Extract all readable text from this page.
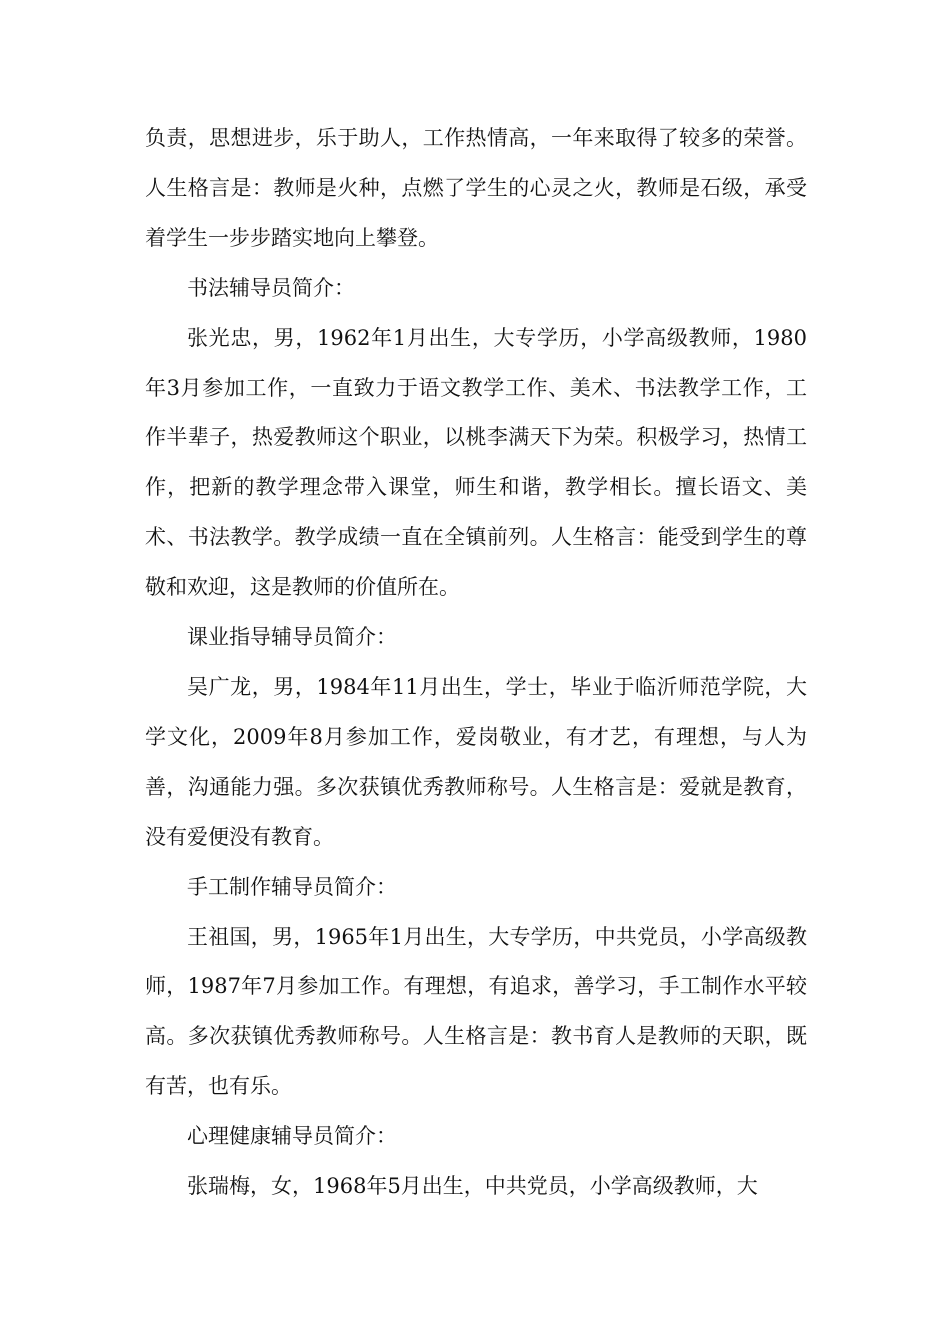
负责，思想进步，乐于助人，工作热情高，一年来取得了较多的荣誉。人生格言是：教师是火种，点燃了学生的心灵之火，教师是石级，承受着学生一步步踏实地向上攀登。

书法辅导员简介：

张光忠，男，1962年1月出生，大专学历，小学高级教师，1980年3月参加工作，一直致力于语文教学工作、美术、书法教学工作，工作半辈子，热爱教师这个职业，以桃李满天下为荣。积极学习，热情工作，把新的教学理念带入课堂，师生和谐，教学相长。擅长语文、美术、书法教学。教学成绩一直在全镇前列。人生格言：能受到学生的尊敬和欢迎，这是教师的价值所在。

课业指导辅导员简介：

吴广龙，男，1984年11月出生，学士，毕业于临沂师范学院，大学文化，2009年8月参加工作，爱岗敬业，有才艺，有理想，与人为善，沟通能力强。多次获镇优秀教师称号。人生格言是：爱就是教育，没有爱便没有教育。

手工制作辅导员简介：

王祖国，男，1965年1月出生，大专学历，中共党员，小学高级教师，1987年7月参加工作。有理想，有追求，善学习，手工制作水平较高。多次获镇优秀教师称号。人生格言是：教书育人是教师的天职，既有苦，也有乐。

心理健康辅导员简介：

张瑞梅，女，1968年5月出生，中共党员，小学高级教师，大
